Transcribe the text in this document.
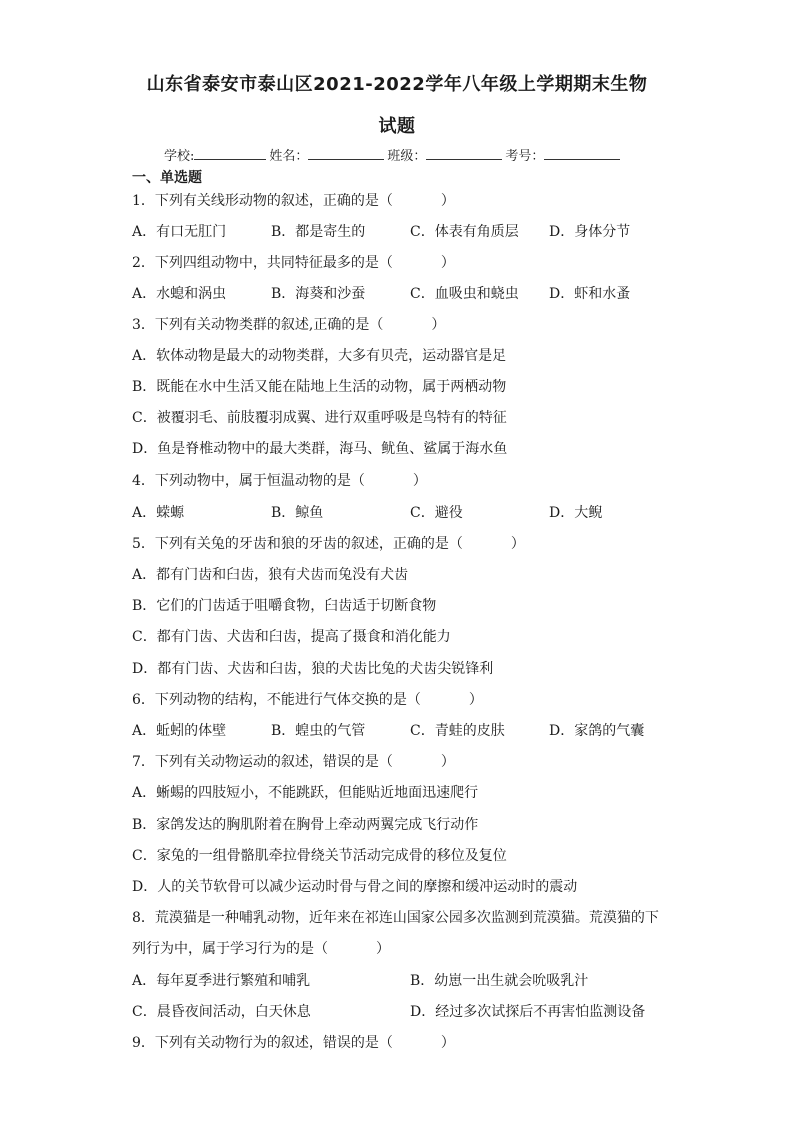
山东省泰安市泰山区2021-2022学年八年级上学期期末生物
试题
学校:	姓名：	班级：	考号：
一、单选题
1．下列有关线形动物的叙述，正确的是（	）
A．有口无肛门	B．都是寄生的	C．体表有角质层 D．身体分节
2．下列四组动物中，共同特征最多的是（	）
A．水螅和涡虫	B．海葵和沙蚕	C．血吸虫和蛲虫 D．虾和水蚤
3．下列有关动物类群的叙述,正确的是（	）
A．软体动物是最大的动物类群，大多有贝壳，运动器官是足
B．既能在水中生活又能在陆地上生活的动物，属于两栖动物
C．被覆羽毛、前肢覆羽成翼、进行双重呼吸是鸟特有的特征
D．鱼是脊椎动物中的最大类群，海马、鱿鱼、鲨属于海水鱼
4．下列动物中，属于恒温动物的是（	）
A．蝾螈	B．鲸鱼	C．避役	D．大鲵
5．下列有关兔的牙齿和狼的牙齿的叙述，正确的是（	）
A．都有门齿和臼齿，狼有犬齿而兔没有犬齿
B．它们的门齿适于咀嚼食物，臼齿适于切断食物
C．都有门齿、犬齿和臼齿，提高了摄食和消化能力
D．都有门齿、犬齿和臼齿，狼的犬齿比兔的犬齿尖锐锋利
6．下列动物的结构，不能进行气体交换的是（	）
A．蚯蚓的体壁	B．蝗虫的气管	C．青蛙的皮肤	D．家鸽的气囊
7．下列有关动物运动的叙述，错误的是（	）
A．蜥蜴的四肢短小，不能跳跃，但能贴近地面迅速爬行
B．家鸽发达的胸肌附着在胸骨上牵动两翼完成飞行动作
C．家兔的一组骨骼肌牵拉骨绕关节活动完成骨的移位及复位
D．人的关节软骨可以减少运动时骨与骨之间的摩擦和缓冲运动时的震动
8．荒漠猫是一种哺乳动物，近年来在祁连山国家公园多次监测到荒漠猫。荒漠猫的下
列行为中，属于学习行为的是（	）
A．每年夏季进行繁殖和哺乳	B．幼崽一出生就会吮吸乳汁
C．晨昏夜间活动，白天休息	D．经过多次试探后不再害怕监测设备
9．下列有关动物行为的叙述，错误的是（	）
